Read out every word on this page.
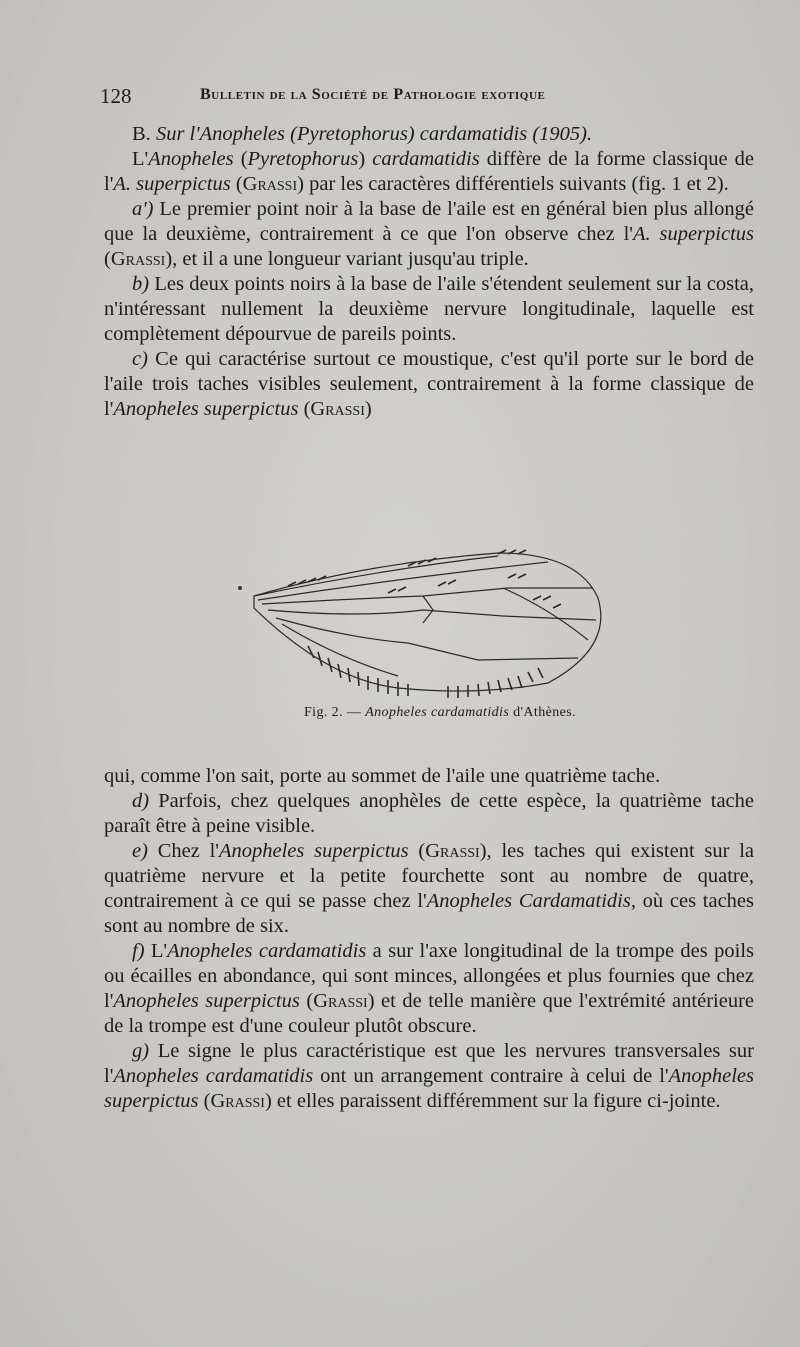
128	Bulletin de la Société de Pathologie exotique

B. Sur l'Anopheles (Pyretophorus) cardamatidis (1905).

L'Anopheles (Pyretophorus) cardamatidis diffère de la forme classique de l'A. superpictus (Grassi) par les caractères différentiels suivants (fig. 1 et 2).

a') Le premier point noir à la base de l'aile est en général bien plus allongé que la deuxième, contrairement à ce que l'on observe chez l'A. superpictus (Grassi), et il a une longueur variant jusqu'au triple.

b) Les deux points noirs à la base de l'aile s'étendent seulement sur la costa, n'intéressant nullement la deuxième nervure longitudinale, laquelle est complètement dépourvue de pareils points.

c) Ce qui caractérise surtout ce moustique, c'est qu'il porte sur le bord de l'aile trois taches visibles seulement, contrairement à la forme classique de l'Anopheles superpictus (Grassi)

Fig. 2. — Anopheles cardamatidis d'Athènes.

qui, comme l'on sait, porte au sommet de l'aile une quatrième tache.

d) Parfois, chez quelques anophèles de cette espèce, la quatrième tache paraît être à peine visible.

e) Chez l'Anopheles superpictus (Grassi), les taches qui existent sur la quatrième nervure et la petite fourchette sont au nombre de quatre, contrairement à ce qui se passe chez l'Anopheles Cardamatidis, où ces taches sont au nombre de six.

f) L'Anopheles cardamatidis a sur l'axe longitudinal de la trompe des poils ou écailles en abondance, qui sont minces, allongées et plus fournies que chez l'Anopheles superpictus (Grassi) et de telle manière que l'extrémité antérieure de la trompe est d'une couleur plutôt obscure.

g) Le signe le plus caractéristique est que les nervures transversales sur l'Anopheles cardamatidis ont un arrangement contraire à celui de l'Anopheles superpictus (Grassi) et elles paraissent différemment sur la figure ci-jointe.
